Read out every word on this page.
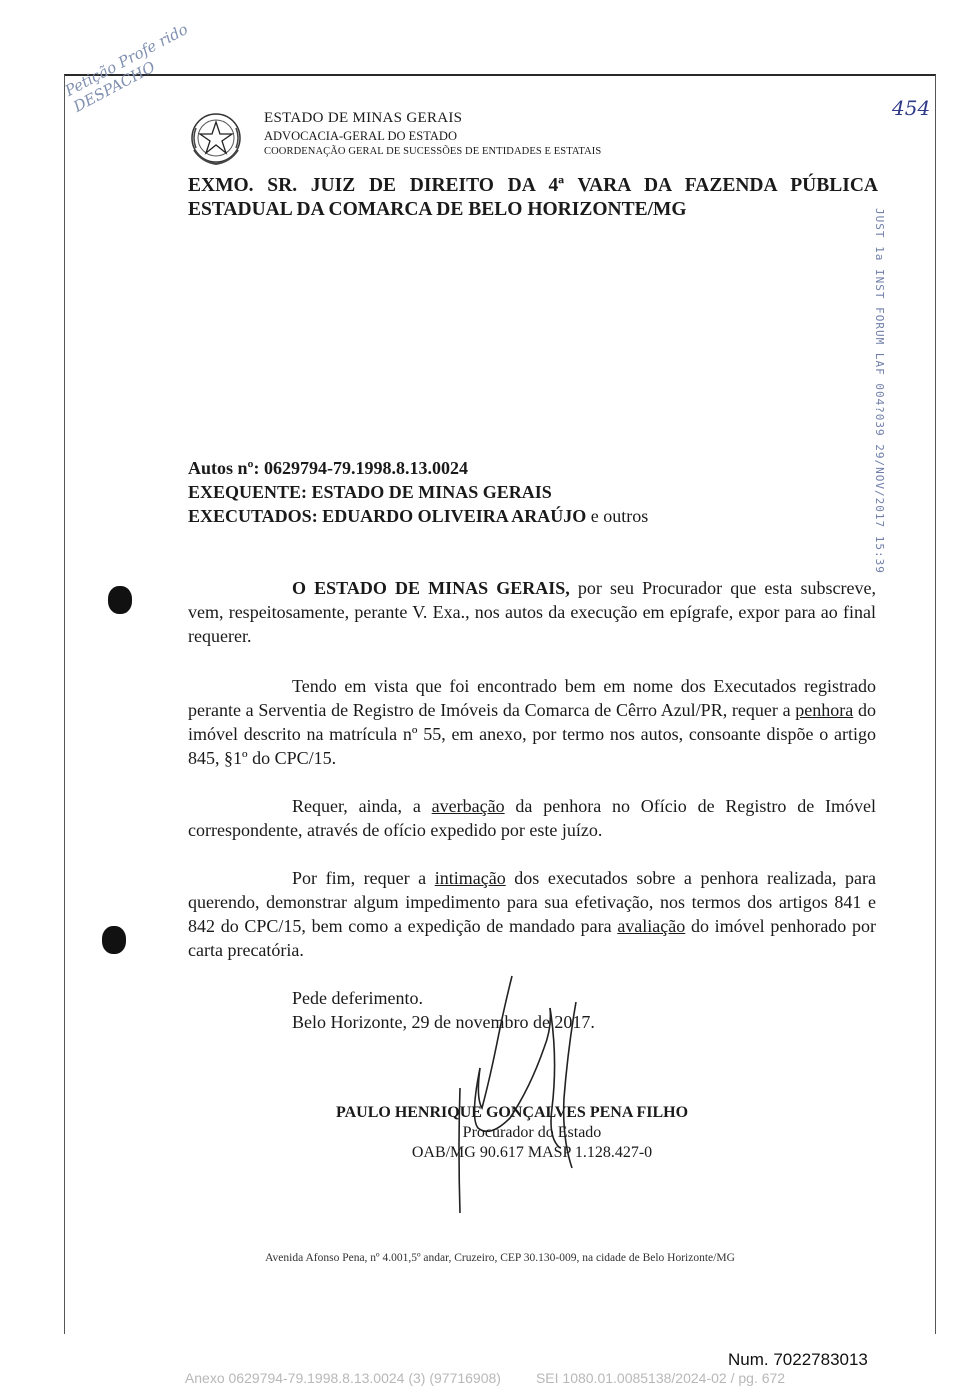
ESTADO DE MINAS GERAIS
ADVOCACIA-GERAL DO ESTADO
COORDENAÇÃO GERAL DE SUCESSÕES DE ENTIDADES E ESTATAIS
EXMO. SR. JUIZ DE DIREITO DA 4ª VARA DA FAZENDA PÚBLICA
ESTADUAL DA COMARCA DE BELO HORIZONTE/MG	JUST 1a INST FORUM LAF 004?039 29/NOV/2017 15:39
Autos nº: 0629794-79.1998.8.13.0024
EXEQUENTE: ESTADO DE MINAS GERAIS
EXECUTADOS: EDUARDO OLIVEIRA ARAÚJO e outros

O ESTADO DE MINAS GERAIS, por seu Procurador que esta subscreve, vem, respeitosamente, perante V. Exa., nos autos da execução em epígrafe, expor para ao final requerer.

Tendo em vista que foi encontrado bem em nome dos Executados registrado perante a Serventia de Registro de Imóveis da Comarca de Cêrro Azul/PR, requer a penhora do imóvel descrito na matrícula nº 55, em anexo, por termo nos autos, consoante dispõe o artigo 845, §1º do CPC/15.

Requer, ainda, a averbação da penhora no Ofício de Registro de Imóvel correspondente, através de ofício expedido por este juízo.

Por fim, requer a intimação dos executados sobre a penhora realizada, para querendo, demonstrar algum impedimento para sua efetivação, nos termos dos artigos 841 e 842 do CPC/15, bem como a expedição de mandado para avaliação do imóvel penhorado por carta precatória.

Pede deferimento.
Belo Horizonte, 29 de novembro de 2017.
PAULO HENRIQUE GONÇALVES PENA FILHO
Procurador do Estado
OAB/MG 90.617 MASP 1.128.427-0
Avenida Afonso Pena, nº 4.001,5º andar, Cruzeiro, CEP 30.130-009, na cidade de Belo Horizonte/MG
Petição Profe rido DESPACHO	454
Num. 7022783013
Anexo 0629794-79.1998.8.13.0024 (3) (97716908)         SEI 1080.01.0085138/2024-02 / pg. 672
